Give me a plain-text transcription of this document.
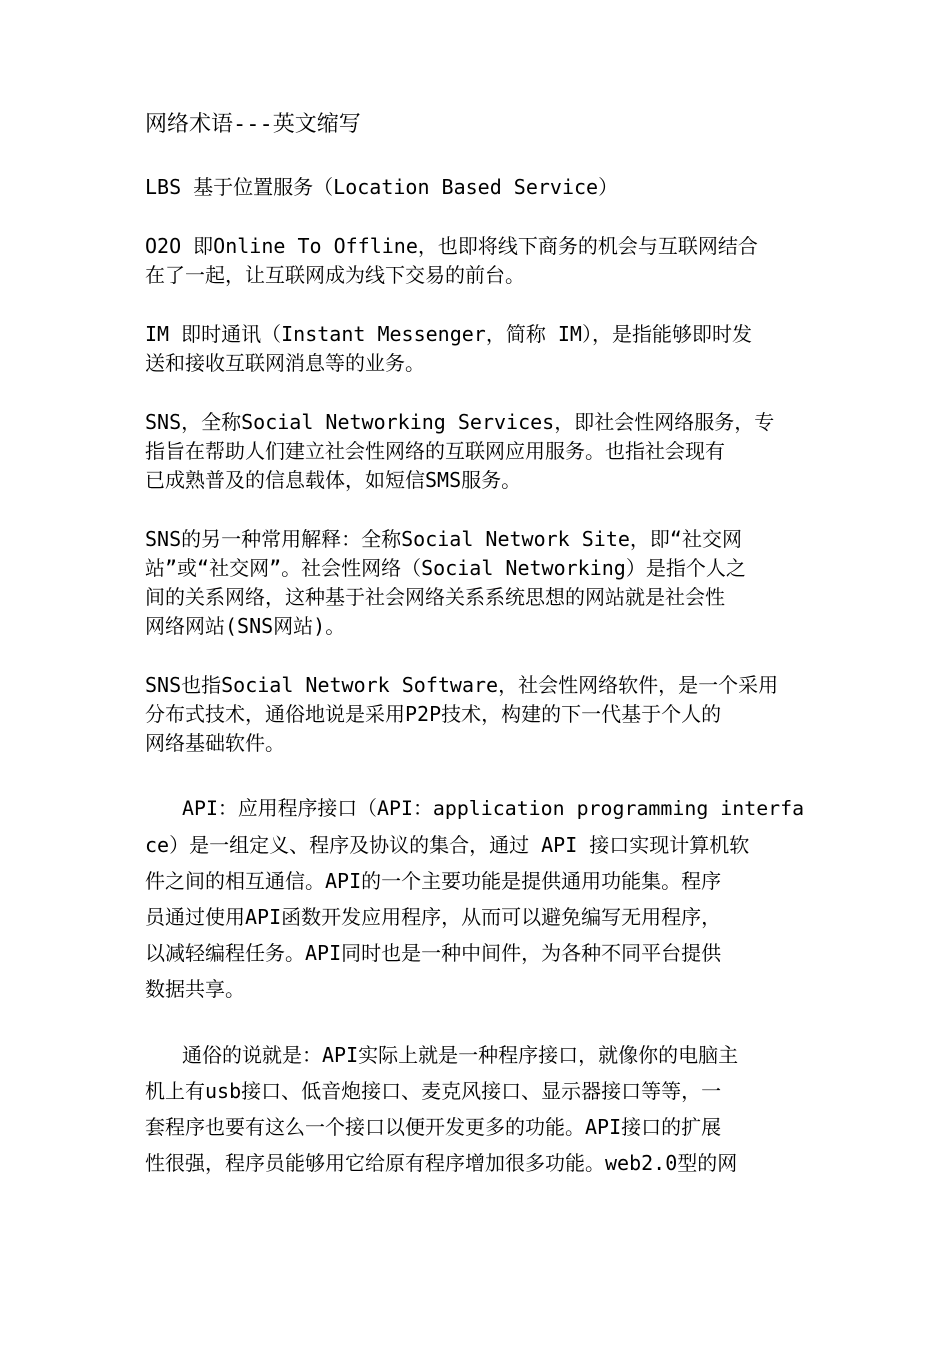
网络术语---英文缩写
LBS 基于位置服务（Location Based Service）
O2O 即Online To Offline，也即将线下商务的机会与互联网结合
在了一起，让互联网成为线下交易的前台。
IM 即时通讯（Instant Messenger，简称 IM），是指能够即时发
送和接收互联网消息等的业务。
SNS，全称Social Networking Services，即社会性网络服务，专
指旨在帮助人们建立社会性网络的互联网应用服务。也指社会现有
已成熟普及的信息载体，如短信SMS服务。
SNS的另一种常用解释：全称Social Network Site，即“社交网
站”或“社交网”。社会性网络（Social Networking）是指个人之
间的关系网络，这种基于社会网络关系系统思想的网站就是社会性
网络网站(SNS网站)。
SNS也指Social Network Software，社会性网络软件，是一个采用
分布式技术，通俗地说是采用P2P技术，构建的下一代基于个人的
网络基础软件。
API：应用程序接口（API：application programming interfa
ce）是一组定义、程序及协议的集合，通过 API 接口实现计算机软
件之间的相互通信。API的一个主要功能是提供通用功能集。程序
员通过使用API函数开发应用程序，从而可以避免编写无用程序，
以减轻编程任务。API同时也是一种中间件，为各种不同平台提供
数据共享。
通俗的说就是：API实际上就是一种程序接口，就像你的电脑主
机上有usb接口、低音炮接口、麦克风接口、显示器接口等等，一
套程序也要有这么一个接口以便开发更多的功能。API接口的扩展
性很强，程序员能够用它给原有程序增加很多功能。web2.0型的网
